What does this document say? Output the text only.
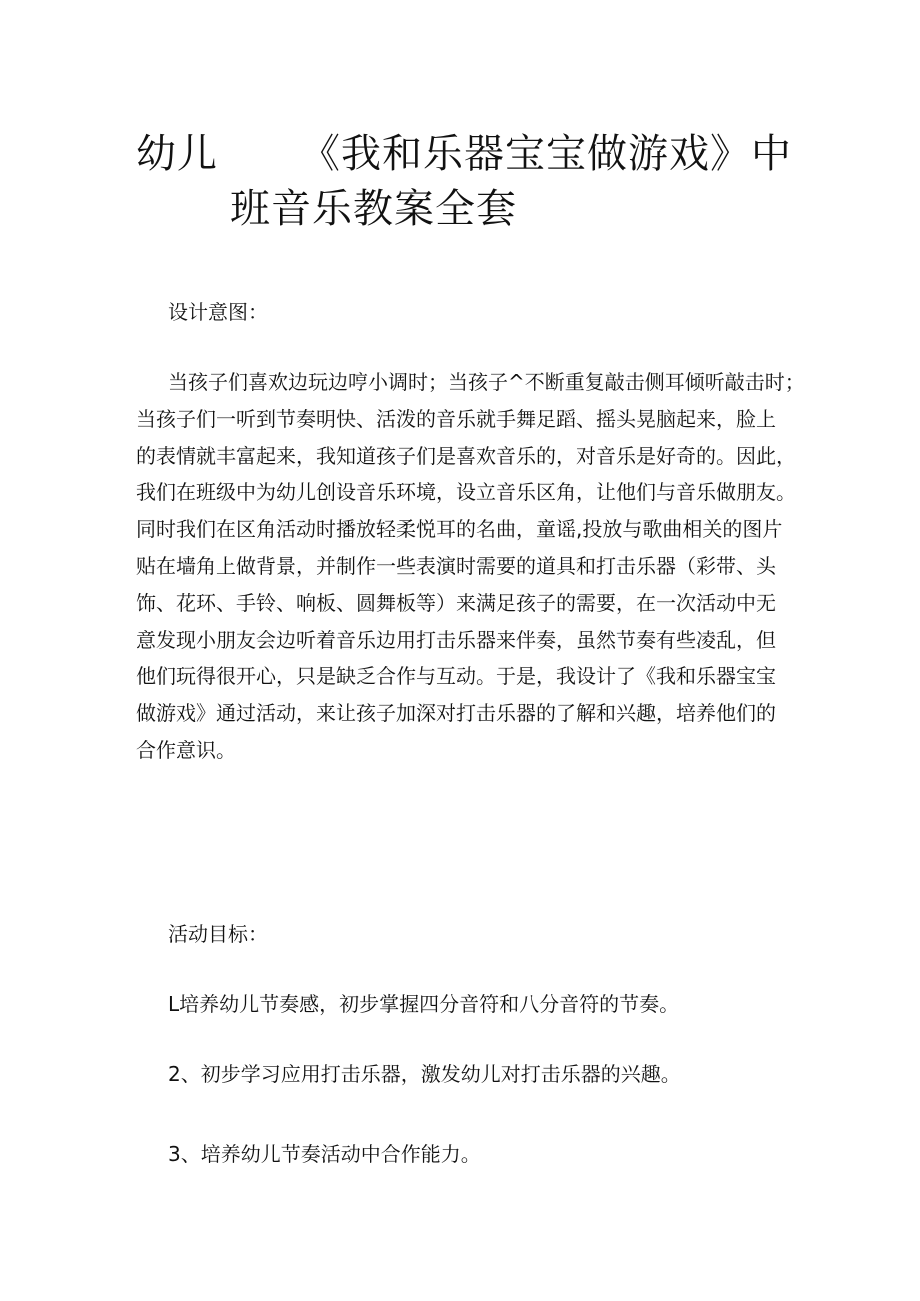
幼儿 《我和乐器宝宝做游戏》中
班音乐教案全套
设计意图：
当孩子们喜欢边玩边哼小调时；当孩子^不断重复敲击侧耳倾听敲击时；
当孩子们一听到节奏明快、活泼的音乐就手舞足蹈、摇头晃脑起来，脸上
的表情就丰富起来，我知道孩子们是喜欢音乐的，对音乐是好奇的。因此，
我们在班级中为幼儿创设音乐环境，设立音乐区角，让他们与音乐做朋友。
同时我们在区角活动时播放轻柔悦耳的名曲，童谣,投放与歌曲相关的图片
贴在墙角上做背景，并制作一些表演时需要的道具和打击乐器（彩带、头
饰、花环、手铃、响板、圆舞板等）来满足孩子的需要，在一次活动中无
意发现小朋友会边听着音乐边用打击乐器来伴奏，虽然节奏有些凌乱，但
他们玩得很开心，只是缺乏合作与互动。于是，我设计了《我和乐器宝宝
做游戏》通过活动，来让孩子加深对打击乐器的了解和兴趣，培养他们的
合作意识。
活动目标：
L培养幼儿节奏感，初步掌握四分音符和八分音符的节奏。
2、初步学习应用打击乐器，激发幼儿对打击乐器的兴趣。
3、培养幼儿节奏活动中合作能力。
